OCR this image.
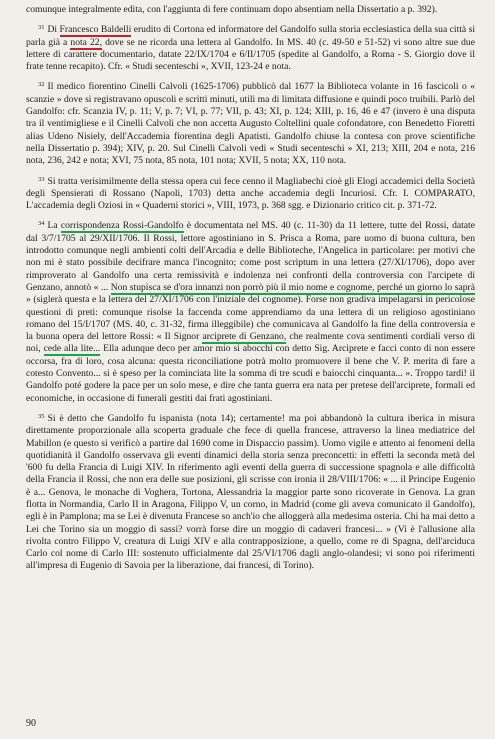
comunque integralmente edita, con l'aggiunta di fere continuam dopo absentiam nella Dissertatio a p. 392).

$^{31}$ Di Francesco Baldelli erudito di Cortona ed informatore del Gandolfo sulla storia ecclesiastica della sua città si parla già a nota 22, dove se ne ricorda una lettera al Gandolfo. In MS. 40 (c. 49-50 e 51-52) vi sono altre sue due lettere di carattere documentario, datate 22/IX/1704 e 6/II/1705 (spedite al Gandolfo, a Roma - S. Giorgio dove il frate tenne recapito). Cfr. « Studi secenteschi », XVII, 123-24 e nota.

$^{32}$ Il medico fiorentino Cinelli Calvoli (1625-1706) pubblicò dal 1677 la Biblioteca volante in 16 fascicoli o « scanzie » dove si registravano opuscoli e scritti minuti, utili ma di limitata diffusione e quindi poco truibili. Parlò del Gandolfo: cfr. Scanzia IV, p. 11; V, p. 7; VI, p. 77; VII, p. 43; XI, p. 124; XIII, p. 16, 46 e 47 (invero è una disputa tra il ventimigliese e il Cinelli Calvoli che non accetta Augusto Coltellini quale cofondatore, con Benedetto Fioretti alias Udeno Nisiely, dell'Accademia fiorentina degli Apatisti. Gandolfo chiuse la contesa con prove scientifiche nella Dissertatio p. 394); XIV, p. 20. Sul Cinelli Calvoli vedi « Studi secenteschi » XI, 213; XIII, 204 e nota, 216 nota, 236, 242 e nota; XVI, 75 nota, 85 nota, 101 nota; XVII, 5 nota; XX, 110 nota.

$^{33}$ Si tratta verisimilmente della stessa opera cui fece cenno il Magliabechi cioè gli Elogi accademici della Società degli Spensierati di Rossano (Napoli, 1703) detta anche accademia degli Incuriosi. Cfr. I. COMPARATO, L'accademia degli Oziosi in « Quaderni storici », VIII, 1973, p. 368 sgg. e Dizionario critico cit. p. 371-72.

$^{34}$ La corrispondenza Rossi-Gandolfo è documentata nel MS. 40 (c. 11-30) da 11 lettere, tutte del Rossi, datate dal 3/7/1705 al 29/XII/1706. Il Rossi, lettore agostiniano in S. Prisca a Roma, pare uomo di buona cultura, ben introdotto comunque negli ambienti colti dell'Arcadia e delle Biblioteche, l'Angelica in particolare: per motivi che non mi è stato possibile decifrare manca l'incognito; come post scriptum in una lettera (27/XI/1706), dopo aver rimproverato al Gandolfo una certa remissività e indolenza nei confronti della controversia con l'arcipete di Genzano, annotò « ... Non stupisca se d'ora innanzi non porrò più il mio nome e cognome, perché un giorno lo saprà » (siglerà questa e la lettera del 27/XI/1706 con l'iniziale del cognome). Forse non gradiva impelagarsi in pericolose questioni di preti: comunque risolse la faccenda come apprendiamo da una lettera di un religioso agostiniano romano del 15/I/1707 (MS. 40, c. 31-32, firma illeggibile) che comunicava al Gandolfo la fine della controversia e la buona opera del lettore Rossi: « Il Signor arciprete di Genzano, che realmente cova sentimenti cordiali verso di noi, cede alla lite... Ella adunque deco per amor mio si abocchi con detto Sig. Arciprete e facci conto di non essere occorsa, fra di loro, cosa alcuna: questa riconciliatione potrà molto promuovere il bene che V. P. merita di fare a cotesto Convento... si è speso per la cominciata lite la somma di tre scudi e baiocchi cinquanta... ». Troppo tardi! il Gandolfo poté godere la pace per un solo mese, e dire che tanta guerra era nata per pretese dell'arciprete, formali ed economiche, in occasione di funerali gestiti dai frati agostiniani.

$^{35}$ Si è detto che Gandolfo fu ispanista (nota 14); certamente! ma poi abbandonò la cultura iberica in misura direttamente proporzionale alla scoperta graduale che fece di quella francese, attraverso la linea mediatrice del Mabillon (e questo si verificò a partire dal 1690 come in Dispaccio passim). Uomo vigile e attento ai fenomeni della quotidianità il Gandolfo osservava gli eventi dinamici della storia senza preconcetti: in effetti la seconda metà del '600 fu della Francia di Luigi XIV. In riferimento agli eventi della guerra di successione spagnola e alle difficoltà della Francia il Rossi, che non era delle sue posizioni, gli scrisse con ironia il 28/VIII/1706: « ... il Principe Eugenio è a... Genova, le monache di Voghera, Tortona, Alessandria la maggior parte sono ricoverate in Genova. La gran flotta in Normandia, Carlo II in Aragona, Filippo V, un corno, in Madrid (come gli aveva comunicato il Gandolfo), egli è in Pamplona; ma se Lei è divenuta Francese so anch'io che alloggerà alla medesima osteria. Chi ha mai detto a Lei che Torino sia un moggio di sassi? vorrà forse dire un moggio di cadaveri francesi... » (Vi è l'allusione alla rivolta contro Filippo V, creatura di Luigi XIV e alla contrapposizione, a quello, come re di Spagna, dell'arciduca Carlo col nome di Carlo III: sostenuto ufficialmente dal 25/VI/1706 dagli anglo-olandesi; vi sono poi riferimenti all'impresa di Eugenio di Savoia per la liberazione, dai francesi, di Torino).

90
